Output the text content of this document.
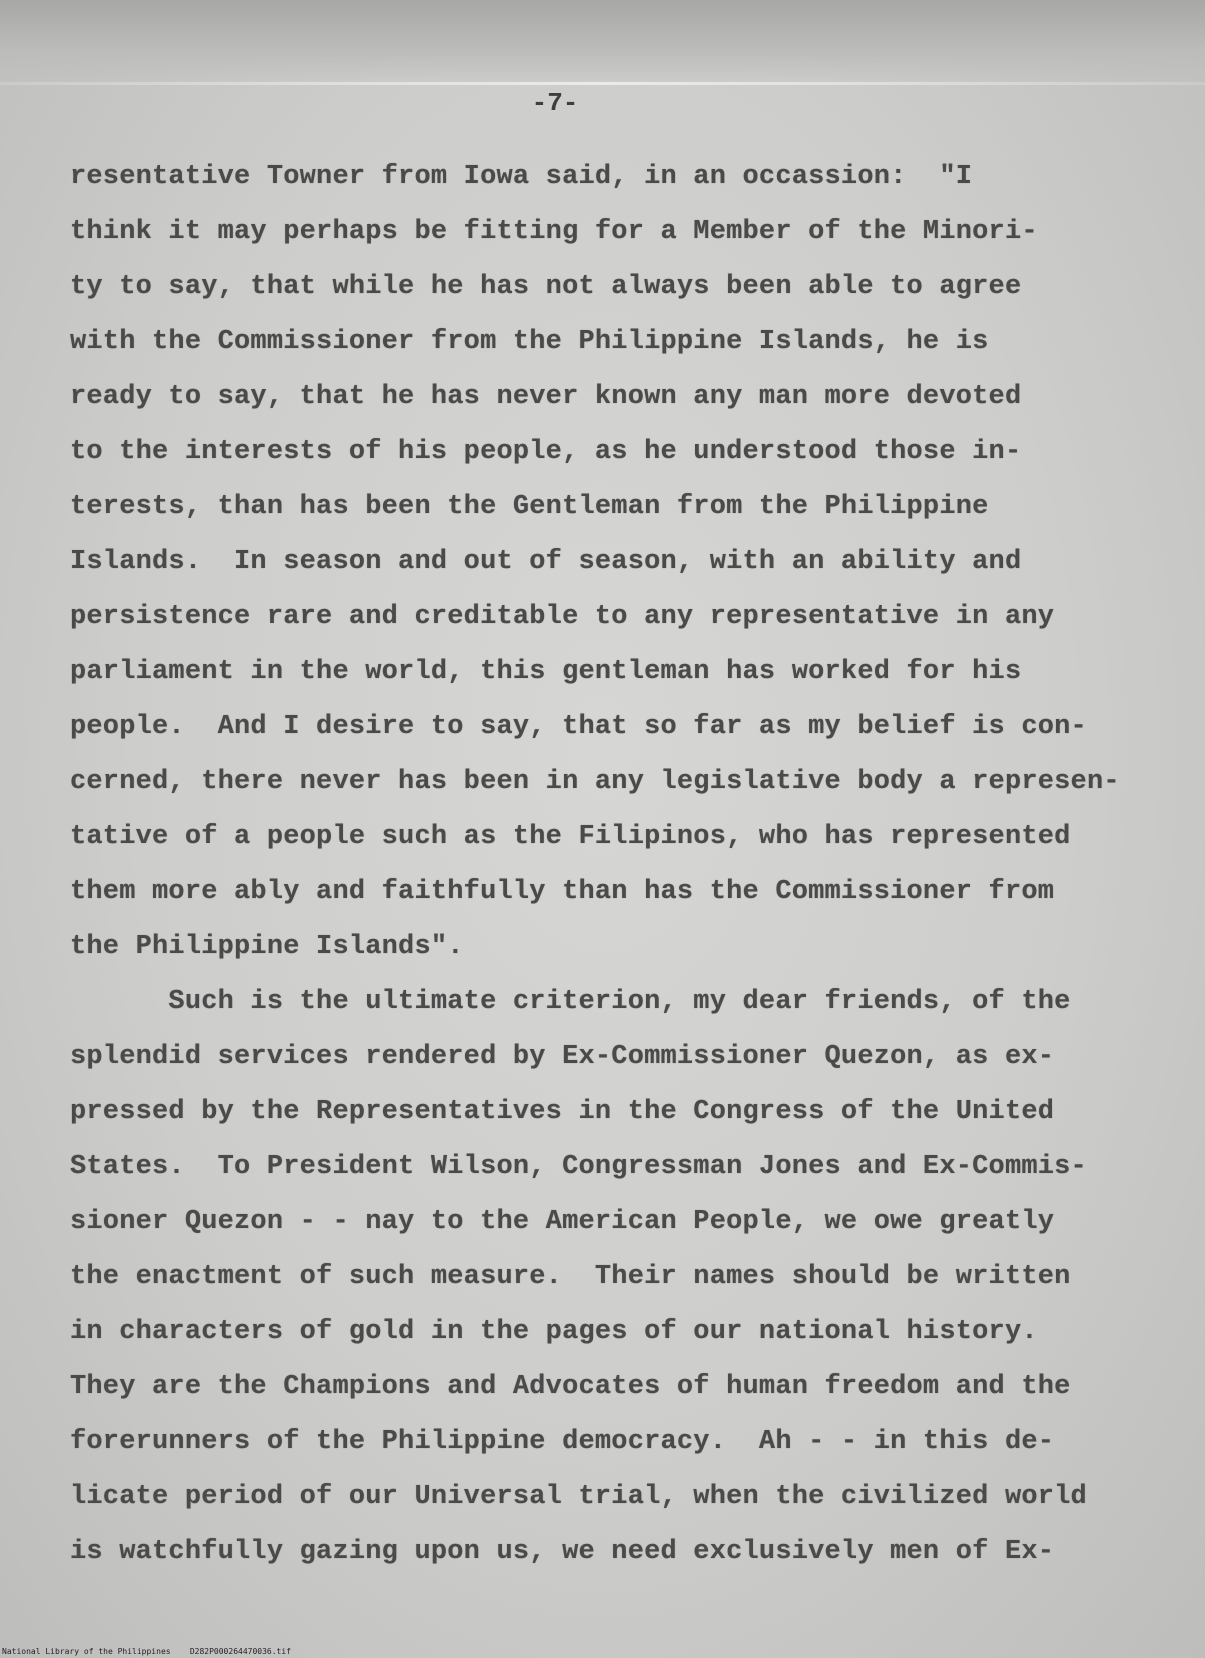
-7-

resentative Towner from Iowa said, in an occassion:  "I

think it may perhaps be fitting for a Member of the Minori-

ty to say, that while he has not always been able to agree

with the Commissioner from the Philippine Islands, he is

ready to say, that he has never known any man more devoted

to the interests of his people, as he understood those in-

terests, than has been the Gentleman from the Philippine

Islands.  In season and out of season, with an ability and

persistence rare and creditable to any representative in any

parliament in the world, this gentleman has worked for his

people.  And I desire to say, that so far as my belief is con-

cerned, there never has been in any legislative body a represen-

tative of a people such as the Filipinos, who has represented

them more ably and faithfully than has the Commissioner from

the Philippine Islands".

Such is the ultimate criterion, my dear friends, of the

splendid services rendered by Ex-Commissioner Quezon, as ex-

pressed by the Representatives in the Congress of the United

States.  To President Wilson, Congressman Jones and Ex-Commis-

sioner Quezon - - nay to the American People, we owe greatly

the enactment of such measure.  Their names should be written

in characters of gold in the pages of our national history.

They are the Champions and Advocates of human freedom and the

forerunners of the Philippine democracy.  Ah - - in this de-

licate period of our Universal trial, when the civilized world

is watchfully gazing upon us, we need exclusively men of Ex-

National Library of the Philippines    D282P000264470036.tif
